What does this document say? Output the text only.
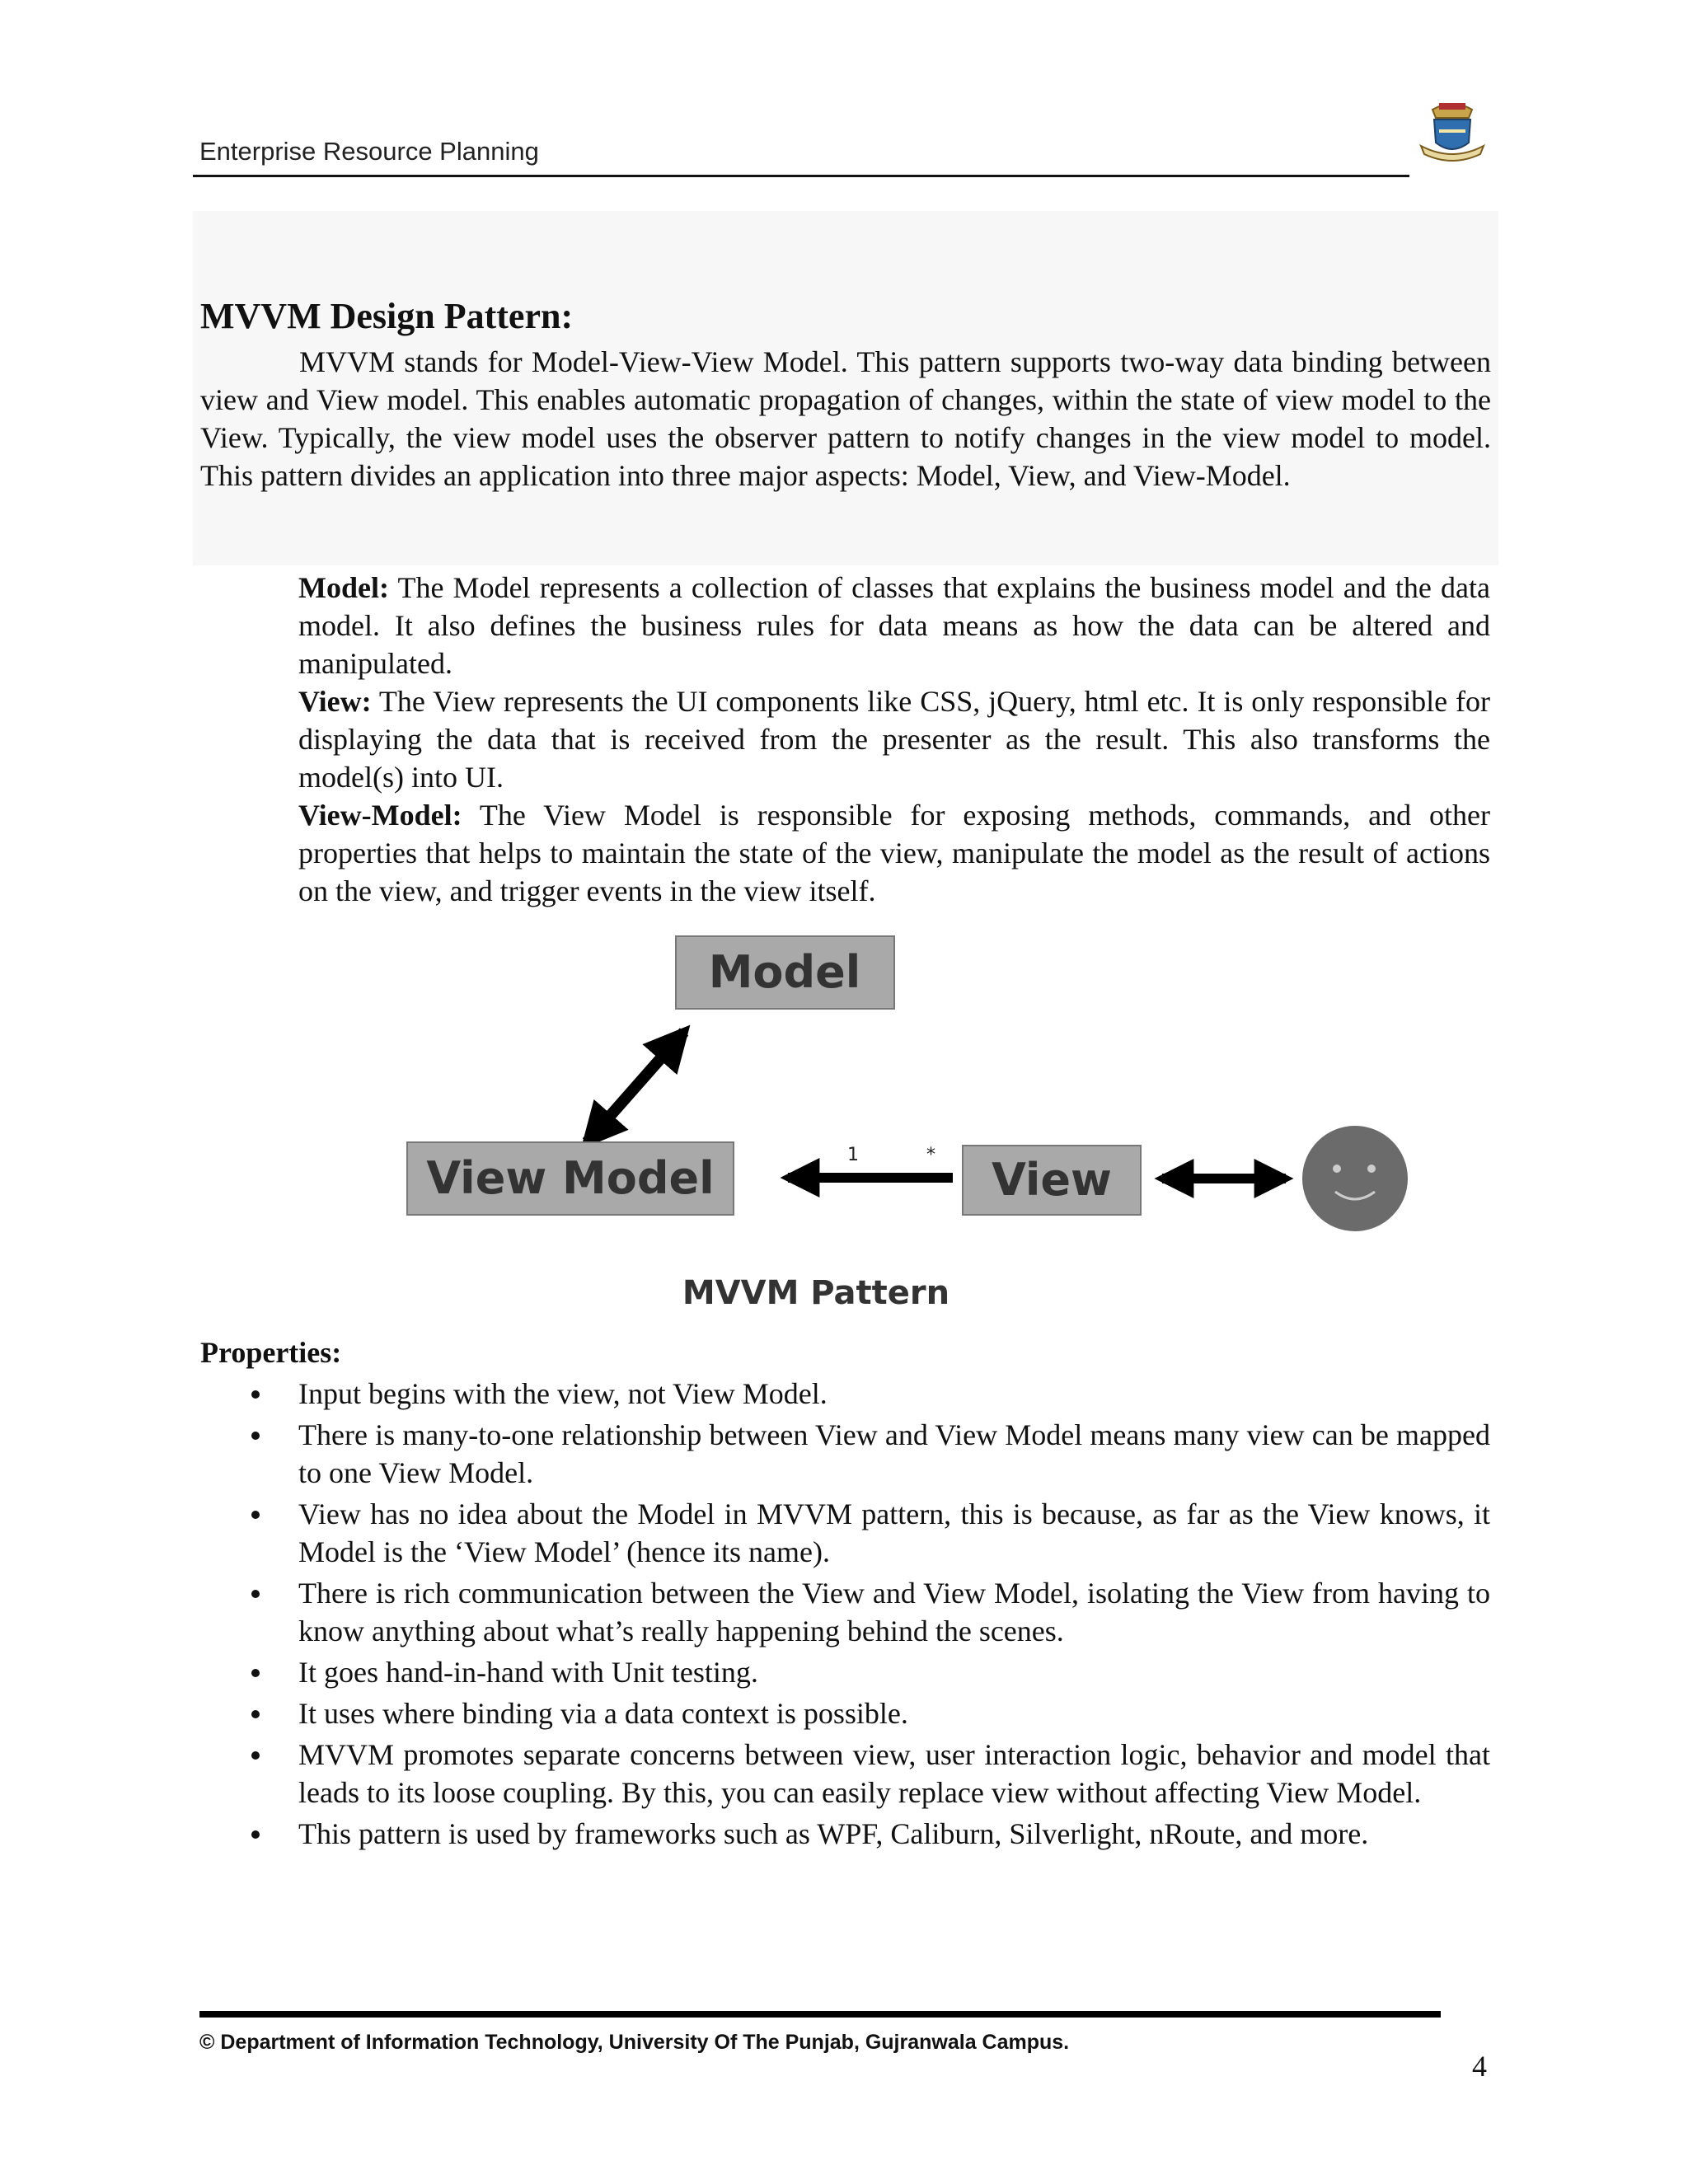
Enterprise Resource Planning
MVVM Design Pattern:

MVVM stands for Model-View-View Model. This pattern supports two-way data binding between view and View model. This enables automatic propagation of changes, within the state of view model to the View. Typically, the view model uses the observer pattern to notify changes in the view model to model. This pattern divides an application into three major aspects: Model, View, and View-Model.

Model: The Model represents a collection of classes that explains the business model and the data model. It also defines the business rules for data means as how the data can be altered and manipulated.

View: The View represents the UI components like CSS, jQuery, html etc. It is only responsible for displaying the data that is received from the presenter as the result. This also transforms the model(s) into UI.

View-Model: The View Model is responsible for exposing methods, commands, and other properties that helps to maintain the state of the view, manipulate the model as the result of actions on the view, and trigger events in the view itself.

Model
View Model	1	* View
MVVM Pattern
Properties:
Input begins with the view, not View Model.
There is many-to-one relationship between View and View Model means many view can be mapped to one View Model.
View has no idea about the Model in MVVM pattern, this is because, as far as the View knows, it Model is the ‘View Model’ (hence its name).
There is rich communication between the View and View Model, isolating the View from having to know anything about what’s really happening behind the scenes.
It goes hand-in-hand with Unit testing.
It uses where binding via a data context is possible.
MVVM promotes separate concerns between view, user interaction logic, behavior and model that leads to its loose coupling. By this, you can easily replace view without affecting View Model.
This pattern is used by frameworks such as WPF, Caliburn, Silverlight, nRoute, and more.

© Department of Information Technology, University Of The Punjab, Gujranwala Campus.

4
